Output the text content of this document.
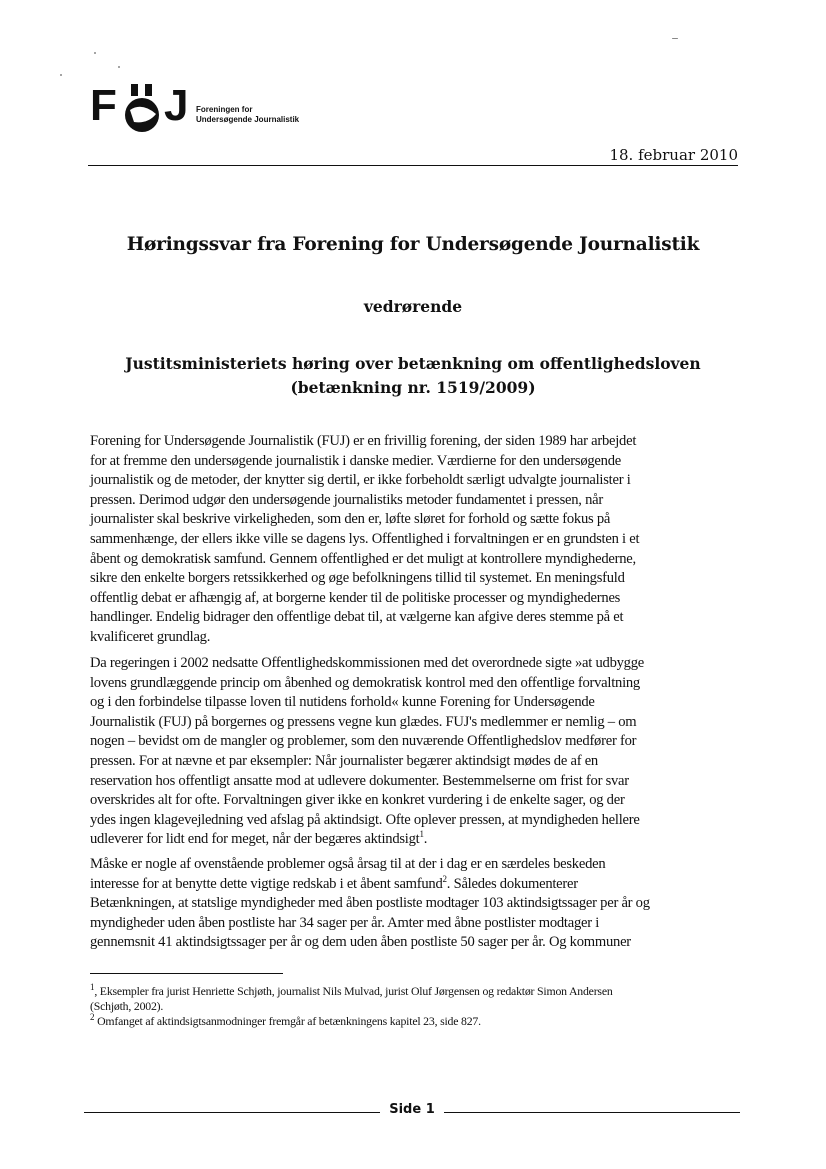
F J Foreningen for
Undersøgende Journalistik
18. februar 2010
Høringssvar fra Forening for Undersøgende Journalistik
vedrørende
Justitsministeriets høring over betænkning om offentlighedsloven
(betænkning nr. 1519/2009)
Forening for Undersøgende Journalistik (FUJ) er en frivillig forening, der siden 1989 har arbejdet
for at fremme den undersøgende journalistik i danske medier. Værdierne for den undersøgende
journalistik og de metoder, der knytter sig dertil, er ikke forbeholdt særligt udvalgte journalister i
pressen. Derimod udgør den undersøgende journalistiks metoder fundamentet i pressen, når
journalister skal beskrive virkeligheden, som den er, løfte sløret for forhold og sætte fokus på
sammenhænge, der ellers ikke ville se dagens lys. Offentlighed i forvaltningen er en grundsten i et
åbent og demokratisk samfund. Gennem offentlighed er det muligt at kontrollere myndighederne,
sikre den enkelte borgers retssikkerhed og øge befolkningens tillid til systemet. En meningsfuld
offentlig debat er afhængig af, at borgerne kender til de politiske processer og myndighedernes
handlinger. Endelig bidrager den offentlige debat til, at vælgerne kan afgive deres stemme på et
kvalificeret grundlag.
Da regeringen i 2002 nedsatte Offentlighedskommissionen med det overordnede sigte »at udbygge
lovens grundlæggende princip om åbenhed og demokratisk kontrol med den offentlige forvaltning
og i den forbindelse tilpasse loven til nutidens forhold« kunne Forening for Undersøgende
Journalistik (FUJ) på borgernes og pressens vegne kun glædes. FUJ's medlemmer er nemlig – om
nogen – bevidst om de mangler og problemer, som den nuværende Offentlighedslov medfører for
pressen. For at nævne et par eksempler: Når journalister begærer aktindsigt mødes de af en
reservation hos offentligt ansatte mod at udlevere dokumenter. Bestemmelserne om frist for svar
overskrides alt for ofte. Forvaltningen giver ikke en konkret vurdering i de enkelte sager, og der
ydes ingen klagevejledning ved afslag på aktindsigt. Ofte oplever pressen, at myndigheden hellere
udleverer for lidt end for meget, når der begæres aktindsigt$^1$.
Måske er nogle af ovenstående problemer også årsag til at der i dag er en særdeles beskeden
interesse for at benytte dette vigtige redskab i et åbent samfund$^2$. Således dokumenterer
Betænkningen, at statslige myndigheder med åben postliste modtager 103 aktindsigtssager per år og
myndigheder uden åben postliste har 34 sager per år. Amter med åbne postlister modtager i
gennemsnit 41 aktindsigtssager per år og dem uden åben postliste 50 sager per år. Og kommuner
$^1$, Eksempler fra jurist Henriette Schjøth, journalist Nils Mulvad, jurist Oluf Jørgensen og redaktør Simon Andersen
(Schjøth, 2002).
$^2$ Omfanget af aktindsigtsanmodninger fremgår af betænkningens kapitel 23, side 827.
Side 1
